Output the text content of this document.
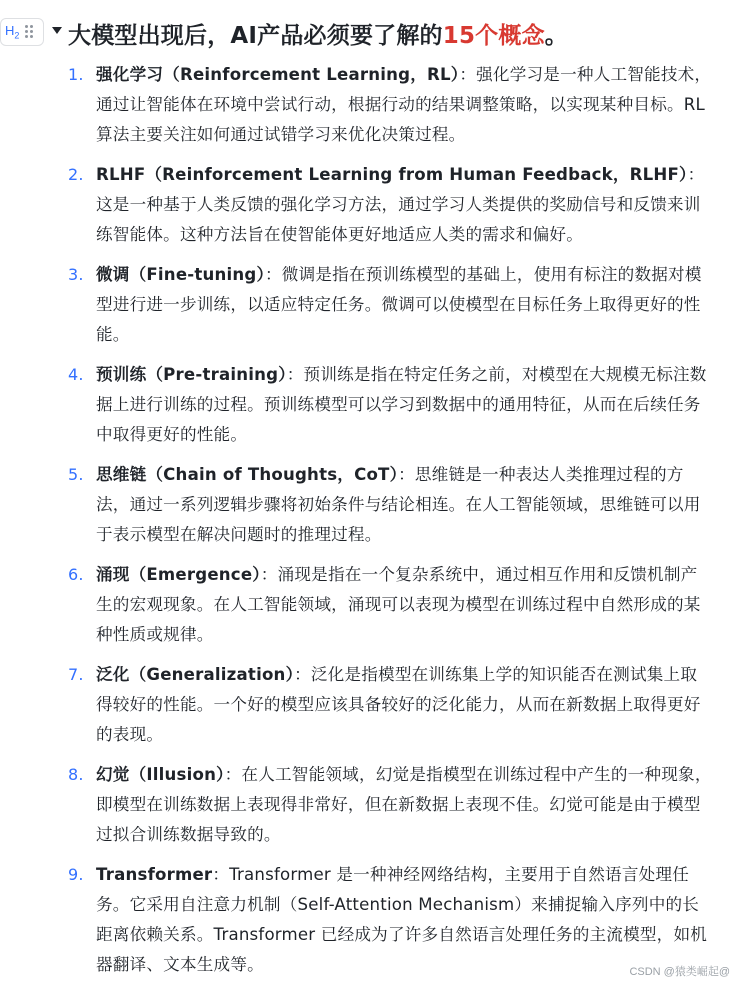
$H_2$ 大模型出现后，AI产品必须要了解的15个概念。
1. 强化学习（Reinforcement Learning，RL）：强化学习是一种人工智能技术，通过让智能体在环境中尝试行动，根据行动的结果调整策略，以实现某种目标。RL 算法主要关注如何通过试错学习来优化决策过程。
2. RLHF（Reinforcement Learning from Human Feedback，RLHF）：这是一种基于人类反馈的强化学习方法，通过学习人类提供的奖励信号和反馈来训练智能体。这种方法旨在使智能体更好地适应人类的需求和偏好。
3. 微调（Fine-tuning）：微调是指在预训练模型的基础上，使用有标注的数据对模型进行进一步训练，以适应特定任务。微调可以使模型在目标任务上取得更好的性能。
4. 预训练（Pre-training）：预训练是指在特定任务之前，对模型在大规模无标注数据上进行训练的过程。预训练模型可以学习到数据中的通用特征，从而在后续任务中取得更好的性能。
5. 思维链（Chain of Thoughts，CoT）：思维链是一种表达人类推理过程的方法，通过一系列逻辑步骤将初始条件与结论相连。在人工智能领域，思维链可以用于表示模型在解决问题时的推理过程。
6. 涌现（Emergence）：涌现是指在一个复杂系统中，通过相互作用和反馈机制产生的宏观现象。在人工智能领域，涌现可以表现为模型在训练过程中自然形成的某种性质或规律。
7. 泛化（Generalization）：泛化是指模型在训练集上学的知识能否在测试集上取得较好的性能。一个好的模型应该具备较好的泛化能力，从而在新数据上取得更好的表现。
8. 幻觉（Illusion）：在人工智能领域，幻觉是指模型在训练过程中产生的一种现象，即模型在训练数据上表现得非常好，但在新数据上表现不佳。幻觉可能是由于模型过拟合训练数据导致的。
9. Transformer：Transformer 是一种神经网络结构，主要用于自然语言处理任务。它采用自注意力机制（Self-Attention Mechanism）来捕捉输入序列中的长距离依赖关系。Transformer 已经成为了许多自然语言处理任务的主流模型，如机器翻译、文本生成等。	CSDN @猿类崛起@
